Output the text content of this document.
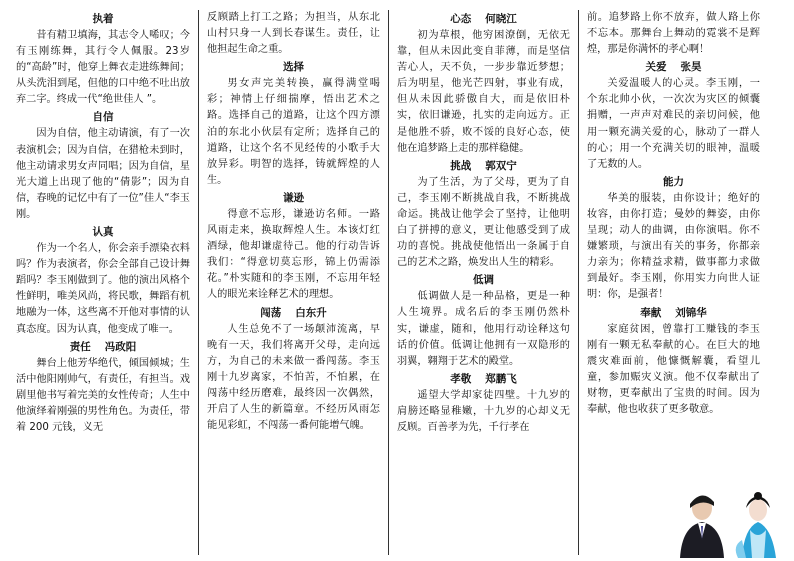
执着

昔有精卫填海，其志令人唏叹；今有玉刚练舞，其行令人佩服。23岁的“高龄”时，他穿上舞衣走进练舞间；从头洗泪到尾，但他的口中绝不吐出放弃二字。终成一代“绝世佳人 ”。

自信

因为自信，他主动请演，有了一次表演机会；因为自信，在猎枪未到时，他主动请求男女声同唱；因为自信，星光大道上出现了他的“倩影”；因为自信，春晚的记忆中有了一位”佳人“李玉刚。

认真

作为一个名人，你会亲手漂染衣料吗？作为表演者，你会全部自己设计舞蹈吗？李玉刚做到了。他的演出风格个性鲜明，唯美风尚，将民歌，舞蹈有机地融为一体，这些离不开他对事情的认真态度。因为认真，他变成了唯一。

责任 冯政阳

舞台上他芳华绝代，倾国倾城；生活中他阳刚帅气，有责任，有担当。戏剧里他书写着完美的女性传奇；人生中他演绎着刚强的男性角色。为责任，带着 200 元钱，义无

反顾踏上打工之路；为担当，从东北山村只身一人到长春谋生。责任，让他担起生命之重。

选择

男女声完美转换，赢得满堂喝彩；神情上仔细揣摩，悟出艺术之路。选择自己的道路，让这个四方漂泊的东北小伙层有定所；选择自己的道路，让这个名不见经传的小歌手大放异彩。明智的选择，铸就辉煌的人生。

谦逊

得意不忘形，谦逊访名师。一路风雨走来，换取辉煌人生。本该灯红酒绿，他却谦虚待己。他的行动告诉我们：“得意切莫忘形，锦上仍需添花。”朴实随和的李玉刚，不忘用年轻人的眼光来诠释艺术的理想。

闯荡 白东升

人生总免不了一场颠沛流离，早晚有一天，我们将离开父母，走向远方，为自己的未来做一番闯荡。李玉刚十九岁离家，不怕苦，不怕累，在闯荡中经历磨难，最终因一次偶然，开启了人生的新篇章。不经历风雨怎能见彩虹，不闯荡一番何能增气魄。

心态 何晓江

初为草根，他穷困潦倒，无依无靠，但从未因此变自菲薄，而是坚信苦心人，天不负，一步步靠近梦想；后为明星，他光芒四射，事业有成，但从未因此骄傲自大，而是依旧朴实，依旧谦逊，扎实的走向远方。正是他胜不骄，败不馁的良好心态，使他在追梦路上走的那样稳健。

挑战 郭双宁

为了生活，为了父母，更为了自己，李玉刚不断挑战自我，不断挑战命运。挑战让他学会了坚持，让他明白了拼搏的意义，更让他感受到了成功的喜悦。挑战使他悟出一条属于自己的艺术之路，焕发出人生的精彩。

低调

低调做人是一种品格，更是一种人生境界。成名后的李玉刚仍然朴实，谦虚，随和，他用行动诠释这句话的价值。低调让他拥有一双隐形的羽翼，翱翔于艺术的殿堂。

孝敬 郑鹏飞

遥望大学却家徒四壁。十九岁的肩膀还略显稚嫩，十九岁的心却义无反顾。百善孝为先，千行孝在

前。追梦路上你不放弃，做人路上你不忘本。那舞台上舞动的霓裳不是辉煌，那是你满怀的孝心啊！

关爱 张昊

关爱温暖人的心灵。李玉刚，一个东北帅小伙，一次次为灾区的倾囊捐赠，一声声对难民的亲切问候，他用一颗充满关爱的心，脉动了一群人的心；用一个充满关切的眼神，温暖了无数的人。

能力

华美的服装，由你设计；绝好的妆容，由你打造；曼妙的舞姿，由你呈现；动人的曲调，由你演唱。你不嫌繁琐，与演出有关的事务，你都亲力亲为；你精益求精，做事都力求做到最好。李玉刚，你用实力向世人证明：你，是强者！

奉献 刘锦华

家庭贫困，曾靠打工赚钱的李玉刚有一颗无私奉献的心。在巨大的地震灾难面前，他慷慨解囊，看望儿童，参加赈灾义演。他不仅奉献出了财物，更奉献出了宝贵的时间。因为奉献，他也收获了更多敬意。
